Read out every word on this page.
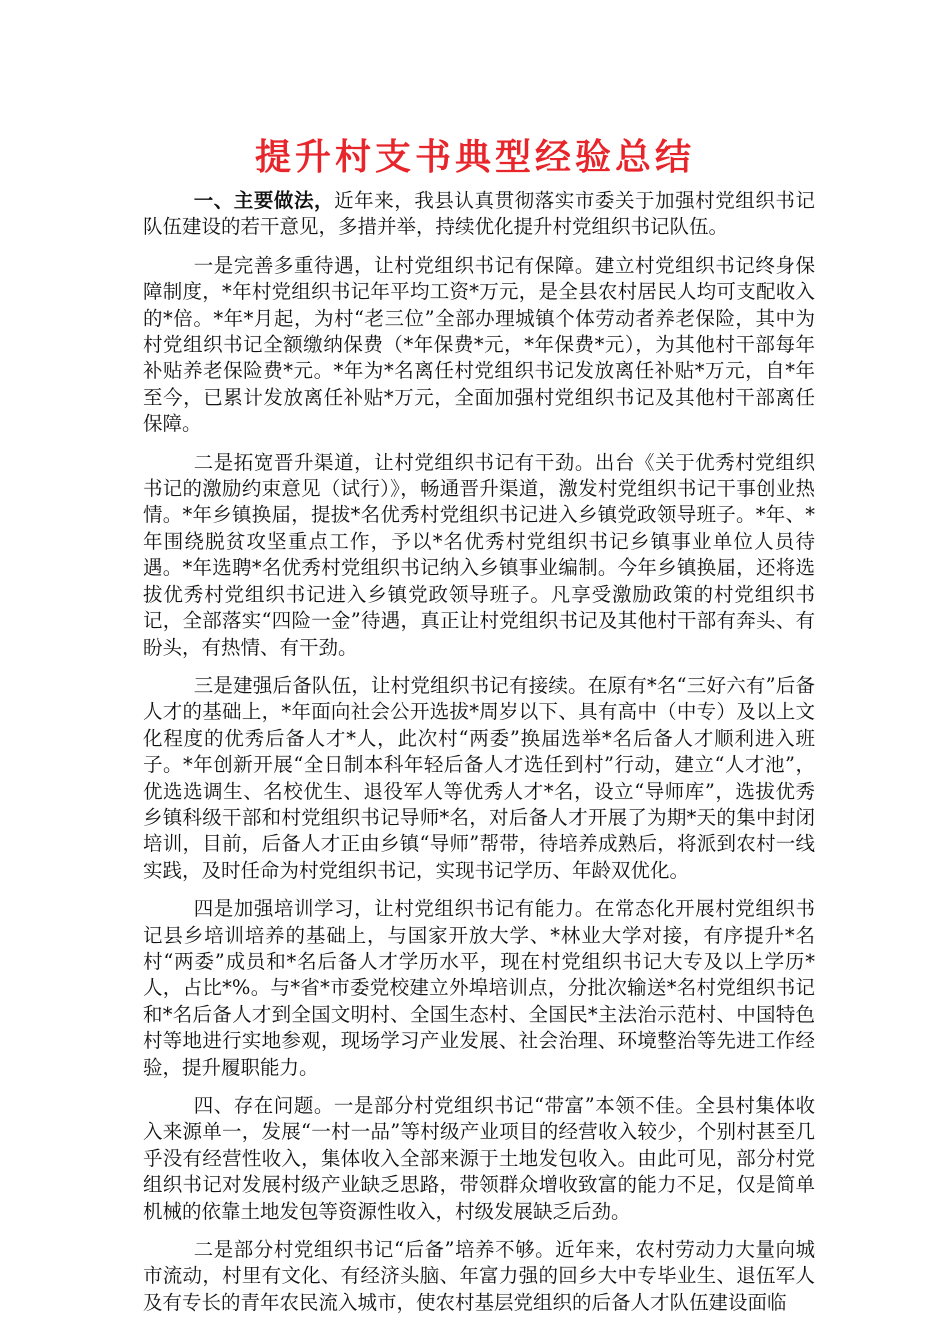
提升村支书典型经验总结

一、主要做法，近年来，我县认真贯彻落实市委关于加强村党组织书记队伍建设的若干意见，多措并举，持续优化提升村党组织书记队伍。

一是完善多重待遇，让村党组织书记有保障。建立村党组织书记终身保障制度，*年村党组织书记年平均工资*万元，是全县农村居民人均可支配收入的*倍。*年*月起，为村“老三位”全部办理城镇个体劳动者养老保险，其中为村党组织书记全额缴纳保费（*年保费*元，*年保费*元），为其他村干部每年补贴养老保险费*元。*年为*名离任村党组织书记发放离任补贴*万元，自*年至今，已累计发放离任补贴*万元，全面加强村党组织书记及其他村干部离任保障。

二是拓宽晋升渠道，让村党组织书记有干劲。出台《关于优秀村党组织书记的激励约束意见（试行）》，畅通晋升渠道，激发村党组织书记干事创业热情。*年乡镇换届，提拔*名优秀村党组织书记进入乡镇党政领导班子。*年、*年围绕脱贫攻坚重点工作，予以*名优秀村党组织书记乡镇事业单位人员待遇。*年选聘*名优秀村党组织书记纳入乡镇事业编制。今年乡镇换届，还将选拔优秀村党组织书记进入乡镇党政领导班子。凡享受激励政策的村党组织书记，全部落实“四险一金”待遇，真正让村党组织书记及其他村干部有奔头、有盼头，有热情、有干劲。

三是建强后备队伍，让村党组织书记有接续。在原有*名“三好六有”后备人才的基础上，*年面向社会公开选拔*周岁以下、具有高中（中专）及以上文化程度的优秀后备人才*人，此次村“两委”换届选举*名后备人才顺利进入班子。*年创新开展“全日制本科年轻后备人才选任到村”行动，建立“人才池”，优选选调生、名校优生、退役军人等优秀人才*名，设立“导师库”，选拔优秀乡镇科级干部和村党组织书记导师*名，对后备人才开展了为期*天的集中封闭培训，目前，后备人才正由乡镇“导师”帮带，待培养成熟后，将派到农村一线实践，及时任命为村党组织书记，实现书记学历、年龄双优化。

四是加强培训学习，让村党组织书记有能力。在常态化开展村党组织书记县乡培训培养的基础上，与国家开放大学、*林业大学对接，有序提升*名村“两委”成员和*名后备人才学历水平，现在村党组织书记大专及以上学历*人，占比*%。与*省*市委党校建立外埠培训点，分批次输送*名村党组织书记和*名后备人才到全国文明村、全国生态村、全国民*主法治示范村、中国特色村等地进行实地参观，现场学习产业发展、社会治理、环境整治等先进工作经验，提升履职能力。

四、存在问题。一是部分村党组织书记“带富”本领不佳。全县村集体收入来源单一，发展“一村一品”等村级产业项目的经营收入较少，个别村甚至几乎没有经营性收入，集体收入全部来源于土地发包收入。由此可见，部分村党组织书记对发展村级产业缺乏思路，带领群众增收致富的能力不足，仅是简单机械的依靠土地发包等资源性收入，村级发展缺乏后劲。

二是部分村党组织书记“后备”培养不够。近年来，农村劳动力大量向城市流动，村里有文化、有经济头脑、年富力强的回乡大中专毕业生、退伍军人及有专长的青年农民流入城市，使农村基层党组织的后备人才队伍建设面临
